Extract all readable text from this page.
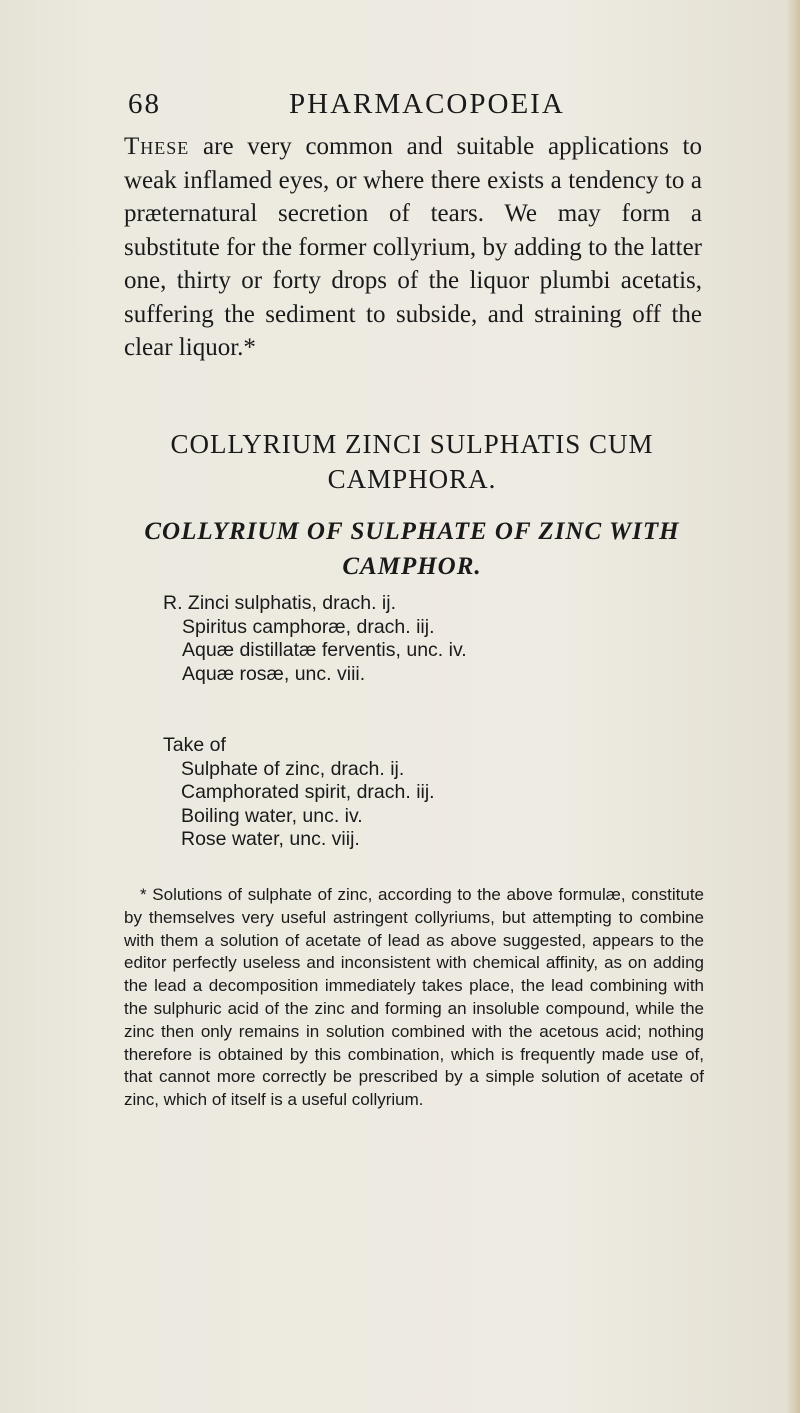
68	PHARMACOPOEIA
These are very common and suitable applications to weak inflamed eyes, or where there exists a tendency to a præternatural secretion of tears. We may form a substitute for the former collyrium, by adding to the latter one, thirty or forty drops of the liquor plumbi acetatis, suffering the sediment to subside, and straining off the clear liquor.*
COLLYRIUM ZINCI SULPHATIS CUM
CAMPHORA.
COLLYRIUM OF SULPHATE OF ZINC WITH
CAMPHOR.
R. Zinci sulphatis, drach. ij.
Spiritus camphoræ, drach. iij.
Aquæ distillatæ ferventis, unc. iv.
Aquæ rosæ, unc. viii.
Take of
Sulphate of zinc, drach. ij.
Camphorated spirit, drach. iij.
Boiling water, unc. iv.
Rose water, unc. viij.
* Solutions of sulphate of zinc, according to the above formulæ, constitute by themselves very useful astringent collyriums, but attempting to combine with them a solution of acetate of lead as above suggested, appears to the editor perfectly useless and inconsistent with chemical affinity, as on adding the lead a decomposition immediately takes place, the lead combining with the sulphuric acid of the zinc and forming an insoluble compound, while the zinc then only remains in solution combined with the acetous acid; nothing therefore is obtained by this combination, which is frequently made use of, that cannot more correctly be prescribed by a simple solution of acetate of zinc, which of itself is a useful collyrium.
